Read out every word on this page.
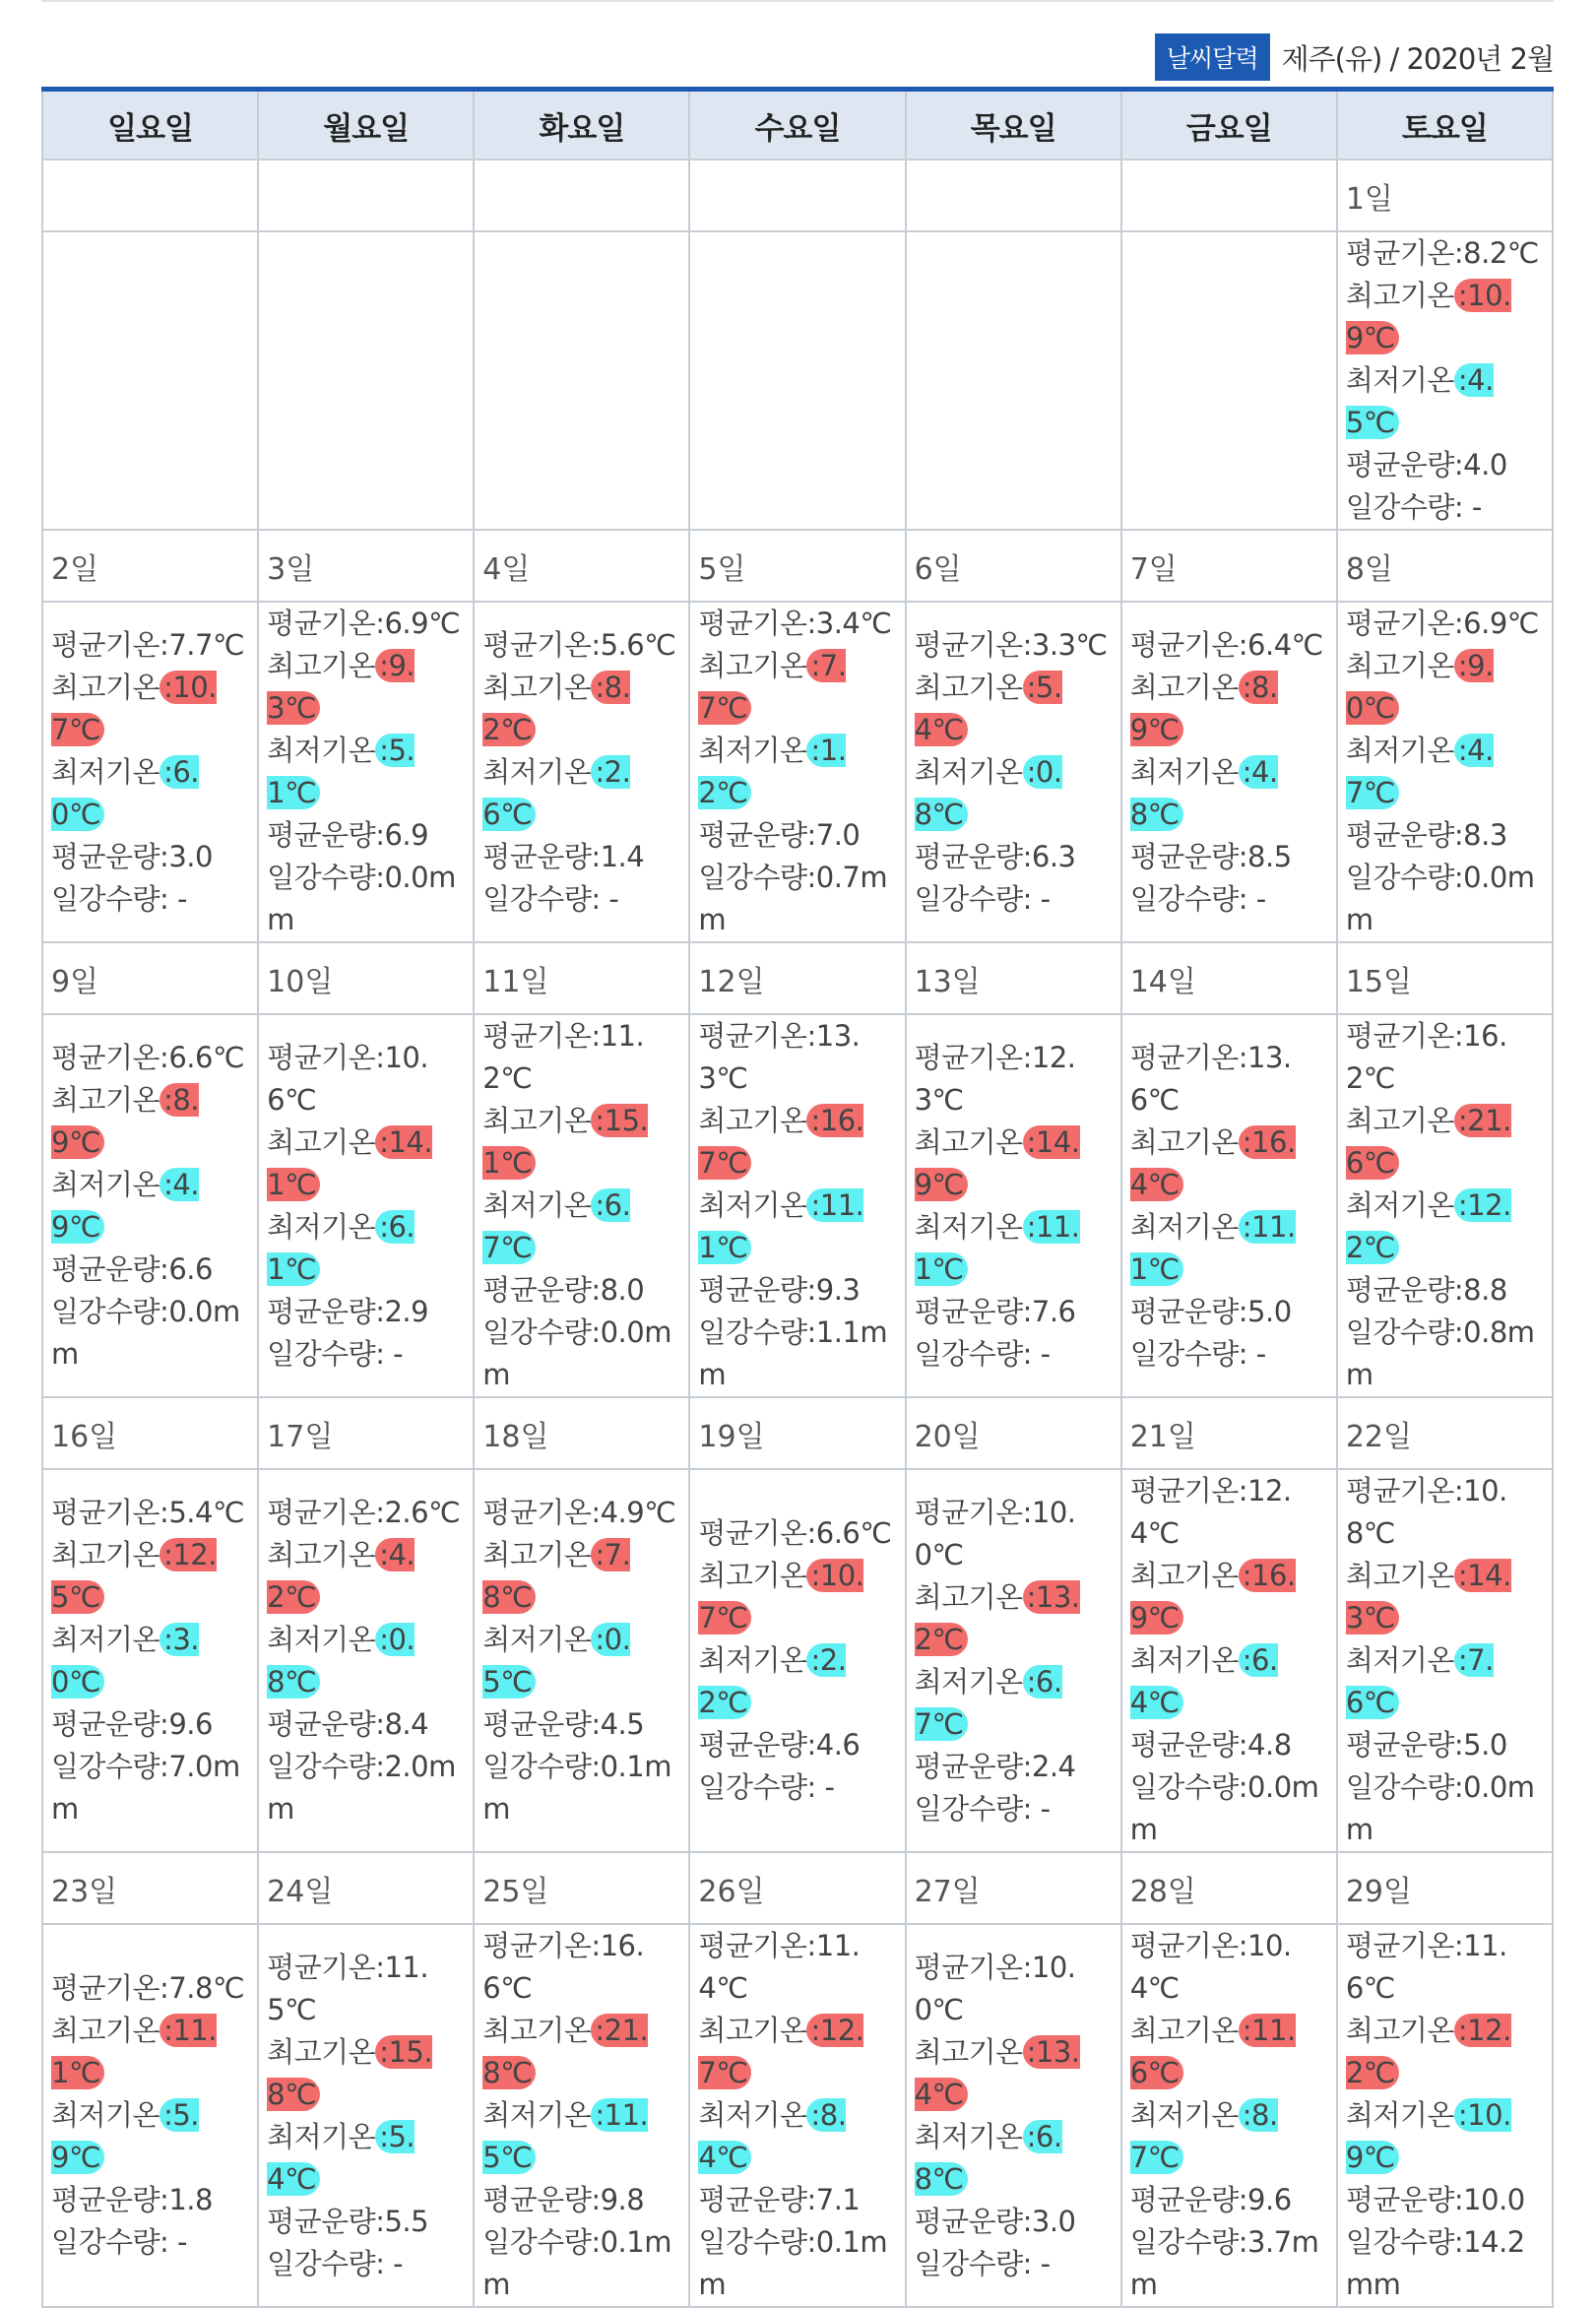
날씨달력 제주(유) / 2020년 2월
일요일	월요일	화요일	수요일	목요일	금요일	토요일
						1일

						평균기온:8.2℃
최고기온 :10.9℃
최저기온 :4.5℃
평균운량:4.0
일강수량: -

2일	3일	4일	5일	6일	7일	8일

평균기온:7.7℃
최고기온 :10.7℃
최저기온 :6.0℃
평균운량:3.0
일강수량: -	평균기온:6.9℃
최고기온 :9.3℃
최저기온 :5.1℃
평균운량:6.9
일강수량:0.0mm	평균기온:5.6℃
최고기온 :8.2℃
최저기온 :2.6℃
평균운량:1.4
일강수량: -	평균기온:3.4℃
최고기온 :7.7℃
최저기온 :1.2℃
평균운량:7.0
일강수량:0.7mm	평균기온:3.3℃
최고기온 :5.4℃
최저기온 :0.8℃
평균운량:6.3
일강수량: -	평균기온:6.4℃
최고기온 :8.9℃
최저기온 :4.8℃
평균운량:8.5
일강수량: -	평균기온:6.9℃
최고기온 :9.0℃
최저기온 :4.7℃
평균운량:8.3
일강수량:0.0mm

9일	10일	11일	12일	13일	14일	15일

평균기온:6.6℃
최고기온 :8.9℃
최저기온 :4.9℃
평균운량:6.6
일강수량:0.0mm	평균기온:10.6℃
최고기온 :14.1℃
최저기온 :6.1℃
평균운량:2.9
일강수량: -	평균기온:11.2℃
최고기온 :15.1℃
최저기온 :6.7℃
평균운량:8.0
일강수량:0.0mm	평균기온:13.3℃
최고기온 :16.7℃
최저기온 :11.1℃
평균운량:9.3
일강수량:1.1mm	평균기온:12.3℃
최고기온 :14.9℃
최저기온 :11.1℃
평균운량:7.6
일강수량: -	평균기온:13.6℃
최고기온 :16.4℃
최저기온 :11.1℃
평균운량:5.0
일강수량: -	평균기온:16.2℃
최고기온 :21.6℃
최저기온 :12.2℃
평균운량:8.8
일강수량:0.8mm

16일	17일	18일	19일	20일	21일	22일

평균기온:5.4℃
최고기온 :12.5℃
최저기온 :3.0℃
평균운량:9.6
일강수량:7.0mm	평균기온:2.6℃
최고기온 :4.2℃
최저기온 :0.8℃
평균운량:8.4
일강수량:2.0mm	평균기온:4.9℃
최고기온 :7.8℃
최저기온 :0.5℃
평균운량:4.5
일강수량:0.1mm	평균기온:6.6℃
최고기온 :10.7℃
최저기온 :2.2℃
평균운량:4.6
일강수량: -	평균기온:10.0℃
최고기온 :13.2℃
최저기온 :6.7℃
평균운량:2.4
일강수량: -	평균기온:12.4℃
최고기온 :16.9℃
최저기온 :6.4℃
평균운량:4.8
일강수량:0.0mm	평균기온:10.8℃
최고기온 :14.3℃
최저기온 :7.6℃
평균운량:5.0
일강수량:0.0mm

23일	24일	25일	26일	27일	28일	29일

평균기온:7.8℃
최고기온 :11.1℃
최저기온 :5.9℃
평균운량:1.8
일강수량: -	평균기온:11.5℃
최고기온 :15.8℃
최저기온 :5.4℃
평균운량:5.5
일강수량: -	평균기온:16.6℃
최고기온 :21.8℃
최저기온 :11.5℃
평균운량:9.8
일강수량:0.1mm	평균기온:11.4℃
최고기온 :12.7℃
최저기온 :8.4℃
평균운량:7.1
일강수량:0.1mm	평균기온:10.0℃
최고기온 :13.4℃
최저기온 :6.8℃
평균운량:3.0
일강수량: -	평균기온:10.4℃
최고기온 :11.6℃
최저기온 :8.7℃
평균운량:9.6
일강수량:3.7mm	평균기온:11.6℃
최고기온 :12.2℃
최저기온 :10.9℃
평균운량:10.0
일강수량:14.2mm
